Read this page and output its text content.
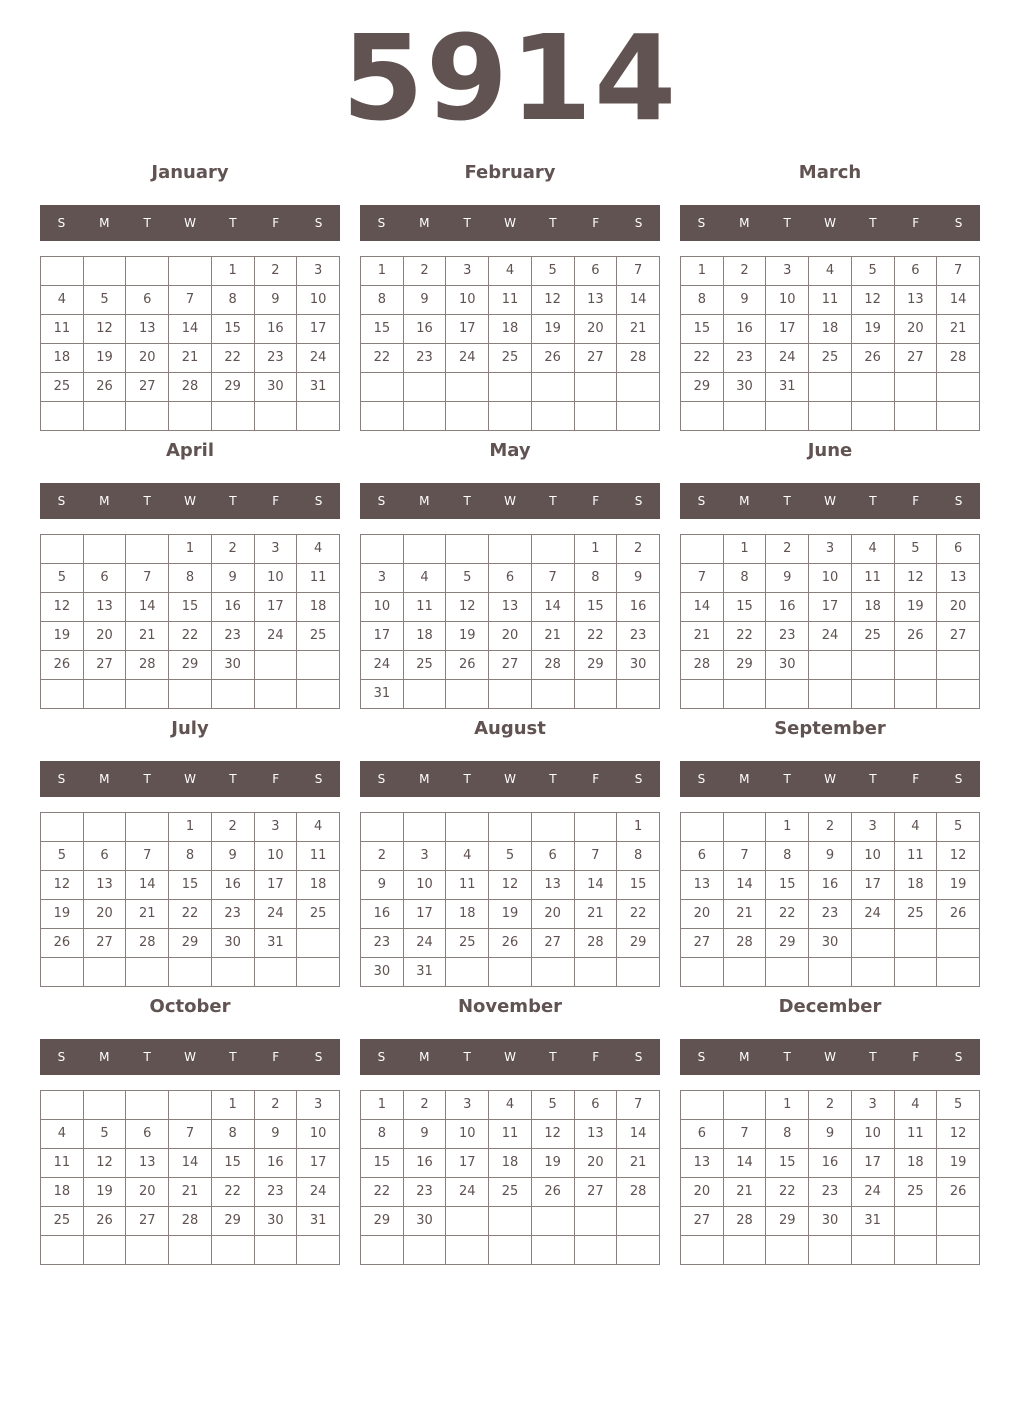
5914
January
S	M	T	W	T	F	S
				1	2	3
4	5	6	7	8	9	10
11	12	13	14	15	16	17
18	19	20	21	22	23	24
25	26	27	28	29	30	31

February
S	M	T	W	T	F	S
1	2	3	4	5	6	7
8	9	10	11	12	13	14
15	16	17	18	19	20	21
22	23	24	25	26	27	28

March
S	M	T	W	T	F	S
1	2	3	4	5	6	7
8	9	10	11	12	13	14
15	16	17	18	19	20	21
22	23	24	25	26	27	28
29	30	31				

April
S	M	T	W	T	F	S
			1	2	3	4
5	6	7	8	9	10	11
12	13	14	15	16	17	18
19	20	21	22	23	24	25
26	27	28	29	30		

May
S	M	T	W	T	F	S
					1	2
3	4	5	6	7	8	9
10	11	12	13	14	15	16
17	18	19	20	21	22	23
24	25	26	27	28	29	30
31						
June
S	M	T	W	T	F	S
	1	2	3	4	5	6
7	8	9	10	11	12	13
14	15	16	17	18	19	20
21	22	23	24	25	26	27
28	29	30				

July
S	M	T	W	T	F	S
			1	2	3	4
5	6	7	8	9	10	11
12	13	14	15	16	17	18
19	20	21	22	23	24	25
26	27	28	29	30	31	

August
S	M	T	W	T	F	S
						1
2	3	4	5	6	7	8
9	10	11	12	13	14	15
16	17	18	19	20	21	22
23	24	25	26	27	28	29
30	31					
September
S	M	T	W	T	F	S
		1	2	3	4	5
6	7	8	9	10	11	12
13	14	15	16	17	18	19
20	21	22	23	24	25	26
27	28	29	30			

October
S	M	T	W	T	F	S
				1	2	3
4	5	6	7	8	9	10
11	12	13	14	15	16	17
18	19	20	21	22	23	24
25	26	27	28	29	30	31

November
S	M	T	W	T	F	S
1	2	3	4	5	6	7
8	9	10	11	12	13	14
15	16	17	18	19	20	21
22	23	24	25	26	27	28
29	30					

December
S	M	T	W	T	F	S
		1	2	3	4	5
6	7	8	9	10	11	12
13	14	15	16	17	18	19
20	21	22	23	24	25	26
27	28	29	30	31		
